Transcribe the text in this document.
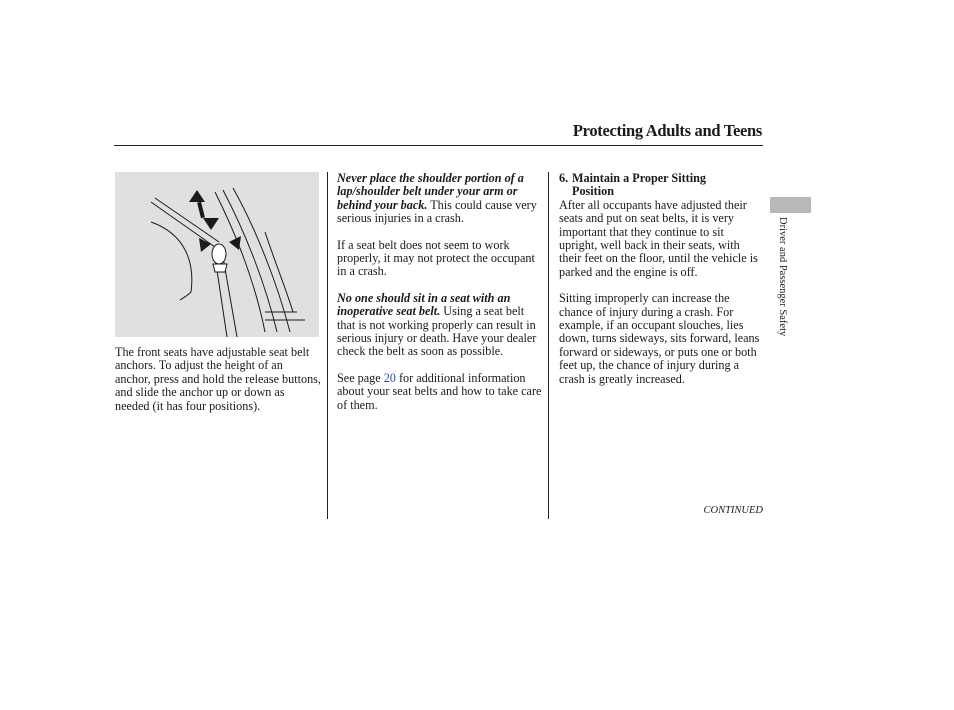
Protecting Adults and Teens

The front seats have adjustable seat belt anchors. To adjust the height of an anchor, press and hold the release buttons, and slide the anchor up or down as needed (it has four positions).

Never place the shoulder portion of a lap/shoulder belt under your arm or behind your back. This could cause very serious injuries in a crash.

If a seat belt does not seem to work properly, it may not protect the occupant in a crash.

No one should sit in a seat with an inoperative seat belt. Using a seat belt that is not working properly can result in serious injury or death. Have your dealer check the belt as soon as possible.

See page 20 for additional information about your seat belts and how to take care of them.

6. Maintain a Proper Sitting
Position

After all occupants have adjusted their seats and put on seat belts, it is very important that they continue to sit upright, well back in their seats, with their feet on the floor, until the vehicle is parked and the engine is off.

Sitting improperly can increase the chance of injury during a crash. For example, if an occupant slouches, lies down, turns sideways, sits forward, leans forward or sideways, or puts one or both feet up, the chance of injury during a crash is greatly increased.

Driver and Passenger Safety
CONTINUED
